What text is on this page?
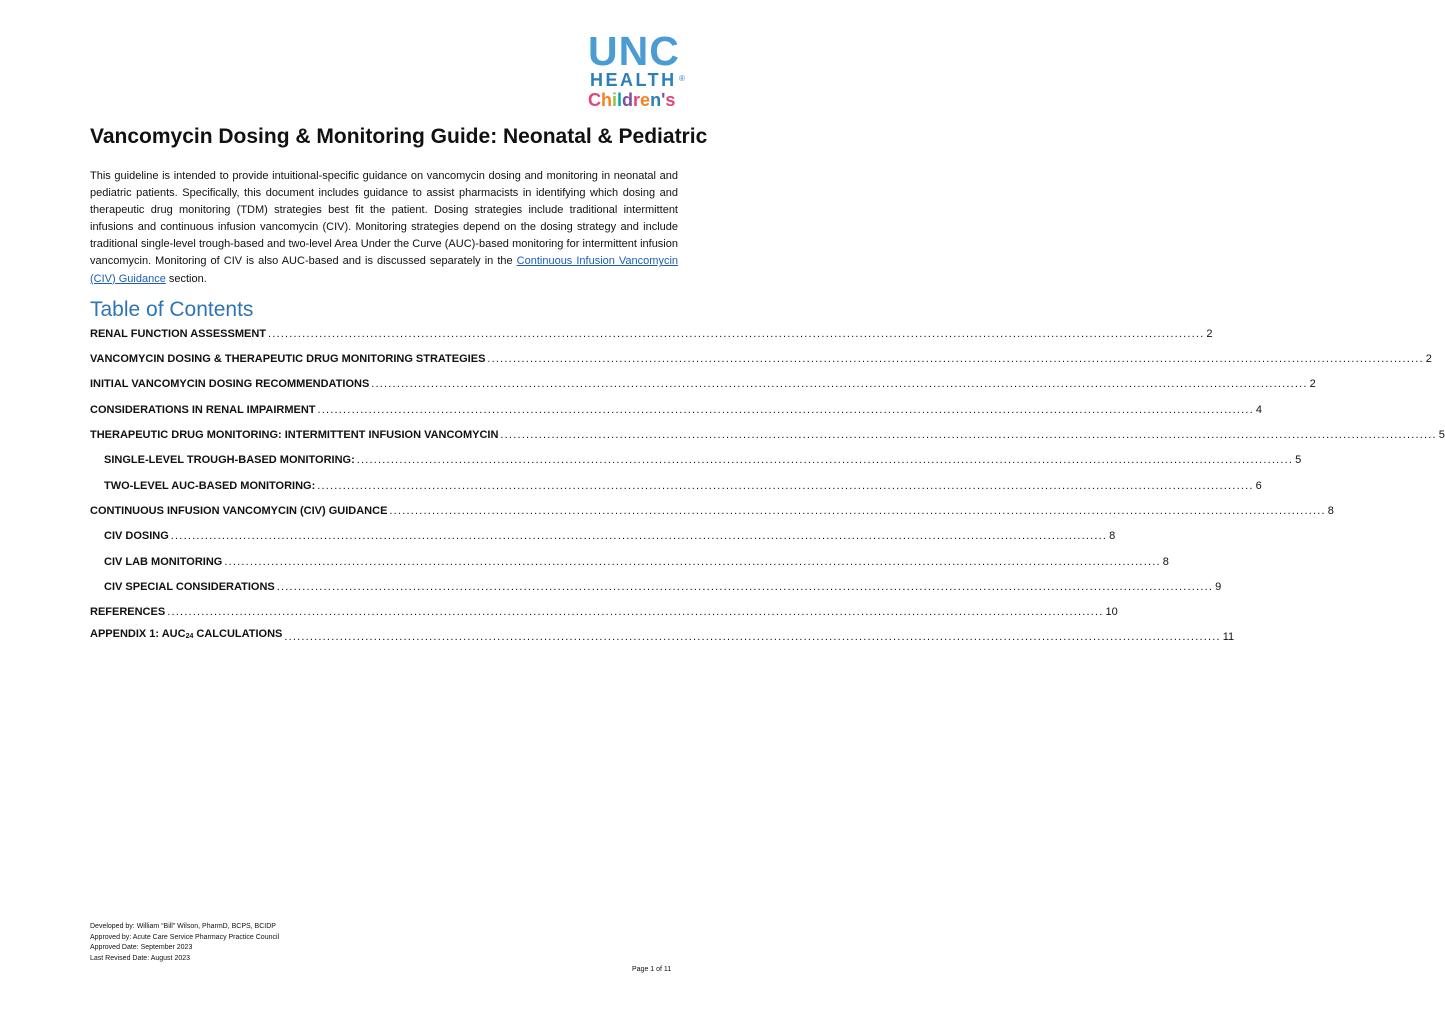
UNC
HEALTH ®
Children's
Vancomycin Dosing & Monitoring Guide: Neonatal & Pediatric
This guideline is intended to provide intuitional-specific guidance on vancomycin dosing and monitoring in neonatal and pediatric patients. Specifically, this document includes guidance to assist pharmacists in identifying which dosing and therapeutic drug monitoring (TDM) strategies best fit the patient. Dosing strategies include traditional intermittent infusions and continuous infusion vancomycin (CIV). Monitoring strategies depend on the dosing strategy and include traditional single-level trough-based and two-level Area Under the Curve (AUC)-based monitoring for intermittent infusion vancomycin. Monitoring of CIV is also AUC-based and is discussed separately in the Continuous Infusion Vancomycin (CIV) Guidance section.
Table of Contents
RENAL FUNCTION ASSESSMENT ............................................................................................................................................................................................................................ 2
VANCOMYCIN DOSING & THERAPEUTIC DRUG MONITORING STRATEGIES ............................................................................................................................................................................................................................ 2
INITIAL VANCOMYCIN DOSING RECOMMENDATIONS ............................................................................................................................................................................................................................ 2
CONSIDERATIONS IN RENAL IMPAIRMENT ............................................................................................................................................................................................................................ 4
THERAPEUTIC DRUG MONITORING: INTERMITTENT INFUSION VANCOMYCIN ............................................................................................................................................................................................................................ 5
SINGLE-LEVEL TROUGH-BASED MONITORING: ............................................................................................................................................................................................................................ 5
TWO-LEVEL AUC-BASED MONITORING: ............................................................................................................................................................................................................................ 6
CONTINUOUS INFUSION VANCOMYCIN (CIV) GUIDANCE ............................................................................................................................................................................................................................ 8
CIV DOSING ............................................................................................................................................................................................................................ 8
CIV LAB MONITORING ............................................................................................................................................................................................................................ 8
CIV SPECIAL CONSIDERATIONS ............................................................................................................................................................................................................................ 9
REFERENCES ............................................................................................................................................................................................................................ 10
APPENDIX 1: $AUC_{24}$ CALCULATIONS ............................................................................................................................................................................................................................ 11
Developed by: William “Bill” Wilson, PharmD, BCPS, BCIDP
Approved by: Acute Care Service Pharmacy Practice Council
Approved Date: September 2023
Last Revised Date: August 2023
Page 1 of 11
